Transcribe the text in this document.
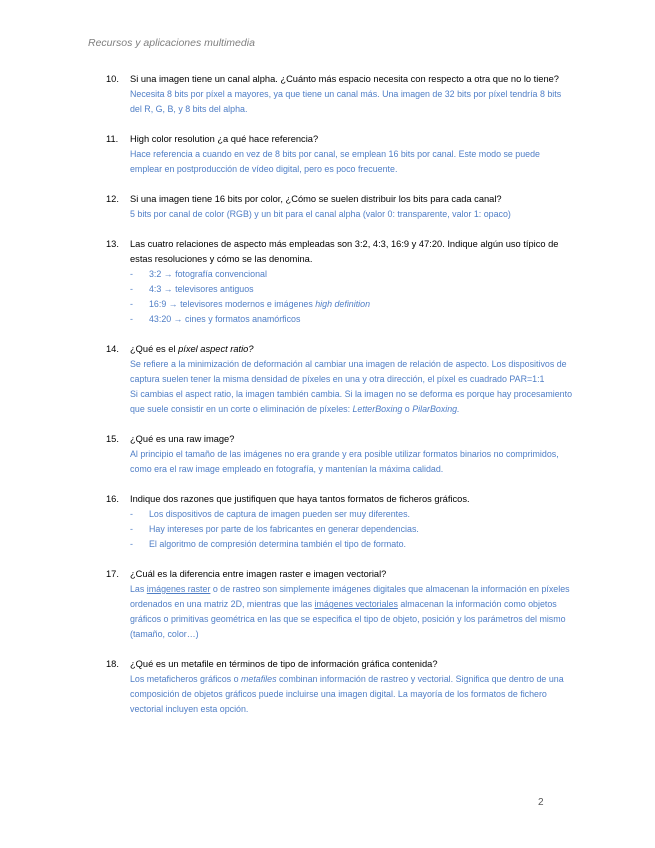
Recursos y aplicaciones multimedia
10.	Si una imagen tiene un canal alpha. ¿Cuánto más espacio necesita con respecto a otra que no lo tiene?
Necesita 8 bits por píxel a mayores, ya que tiene un canal más. Una imagen de 32 bits por píxel tendría 8 bits del R, G, B, y 8 bits del alpha.
11.	High color resolution ¿a qué hace referencia?
Hace referencia a cuando en vez de 8 bits por canal, se emplean 16 bits por canal. Este modo se puede emplear en postproducción de vídeo digital, pero es poco frecuente.
12.	Si una imagen tiene 16 bits por color, ¿Cómo se suelen distribuir los bits para cada canal?
5 bits por canal de color (RGB) y un bit para el canal alpha (valor 0: transparente, valor 1: opaco)
13.	Las cuatro relaciones de aspecto más empleadas son 3:2, 4:3, 16:9 y 47:20. Indique algún uso típico de estas resoluciones y cómo se las denomina.
-	3:2 → fotografía convencional
-	4:3 → televisores antiguos
-	16:9 → televisores modernos e imágenes high definition
-	43:20 → cines y formatos anamórficos
14.	¿Qué es el píxel aspect ratio?

Se refiere a la minimización de deformación al cambiar una imagen de relación de aspecto. Los dispositivos de captura suelen tener la misma densidad de píxeles en una y otra dirección, el píxel es cuadrado PAR=1:1

Si cambias el aspect ratio, la imagen también cambia. Si la imagen no se deforma es porque hay procesamiento que suele consistir en un corte o eliminación de píxeles: LetterBoxing o PilarBoxing.

15.	¿Qué es una raw image?
Al principio el tamaño de las imágenes no era grande y era posible utilizar formatos binarios no comprimidos, como era el raw image empleado en fotografía, y mantenían la máxima calidad.
16.	Indique dos razones que justifiquen que haya tantos formatos de ficheros gráficos.
-	Los dispositivos de captura de imagen pueden ser muy diferentes.
-	Hay intereses por parte de los fabricantes en generar dependencias.
-	El algoritmo de compresión determina también el tipo de formato.
17.	¿Cuál es la diferencia entre imagen raster e imagen vectorial?
Las imágenes raster o de rastreo son simplemente imágenes digitales que almacenan la información en píxeles ordenados en una matriz 2D, mientras que las imágenes vectoriales almacenan la información como objetos gráficos o primitivas geométrica en las que se especifica el tipo de objeto, posición y los parámetros del mismo (tamaño, color…)
18.	¿Qué es un metafile en términos de tipo de información gráfica contenida?
Los metaficheros gráficos o metafiles combinan información de rastreo y vectorial. Significa que dentro de una composición de objetos gráficos puede incluirse una imagen digital. La mayoría de los formatos de fichero vectorial incluyen esta opción.
2
